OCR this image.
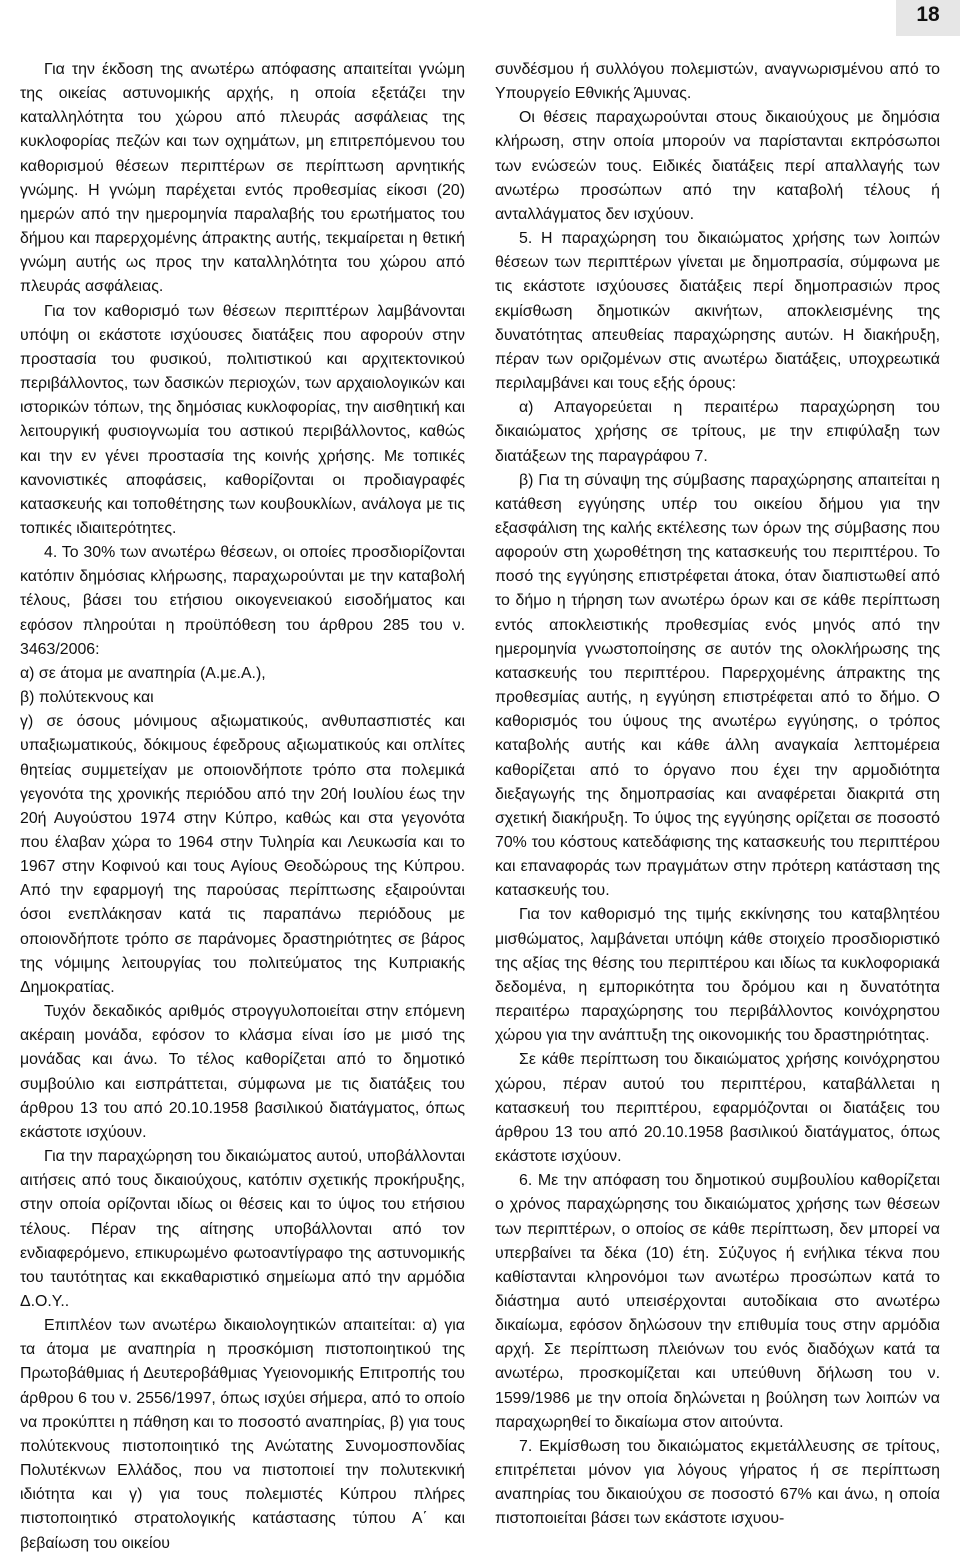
18

Για την έκδοση της ανωτέρω απόφασης απαιτείται γνώμη της οικείας αστυνομικής αρχής, η οποία εξετάζει την καταλληλότητα του χώρου από πλευράς ασφάλειας της κυκλοφορίας πεζών και των οχημάτων, μη επιτρεπόμενου του καθορισμού θέσεων περιπτέρων σε περίπτωση αρνητικής γνώμης. Η γνώμη παρέχεται εντός προθεσμίας είκοσι (20) ημερών από την ημερομηνία παραλαβής του ερωτήματος του δήμου και παρερχομένης άπρακτης αυτής, τεκμαίρεται η θετική γνώμη αυτής ως προς την καταλληλότητα του χώρου από πλευράς ασφάλειας.

Για τον καθορισμό των θέσεων περιπτέρων λαμβάνονται υπόψη οι εκάστοτε ισχύουσες διατάξεις που αφορούν στην προστασία του φυσικού, πολιτιστικού και αρχιτεκτονικού περιβάλλοντος, των δασικών περιοχών, των αρχαιολογικών και ιστορικών τόπων, της δημόσιας κυκλοφορίας, την αισθητική και λειτουργική φυσιογνωμία του αστικού περιβάλλοντος, καθώς και την εν γένει προστασία της κοινής χρήσης. Με τοπικές κανονιστικές αποφάσεις, καθορίζονται οι προδιαγραφές κατασκευής και τοποθέτησης των κουβουκλίων, ανάλογα με τις τοπικές ιδιαιτερότητες.

4. Το 30% των ανωτέρω θέσεων, οι οποίες προσδιορίζονται κατόπιν δημόσιας κλήρωσης, παραχωρούνται με την καταβολή τέλους, βάσει του ετήσιου οικογενειακού εισοδήματος και εφόσον πληρούται η προϋπόθεση του άρθρου 285 του ν. 3463/2006:

α) σε άτομα με αναπηρία (Α.με.Α.),

β) πολύτεκνους και

γ) σε όσους μόνιμους αξιωματικούς, ανθυπασπιστές και υπαξιωματικούς, δόκιμους έφεδρους αξιωματικούς και οπλίτες θητείας συμμετείχαν με οποιονδήποτε τρόπο στα πολεμικά γεγονότα της χρονικής περιόδου από την 20ή Ιουλίου έως την 20ή Αυγούστου 1974 στην Κύπρο, καθώς και στα γεγονότα που έλαβαν χώρα το 1964 στην Τυληρία και Λευκωσία και το 1967 στην Κοφινού και τους Αγίους Θεοδώρους της Κύπρου. Από την εφαρμογή της παρούσας περίπτωσης εξαιρούνται όσοι ενεπλάκησαν κατά τις παραπάνω περιόδους με οποιονδήποτε τρόπο σε παράνομες δραστηριότητες σε βάρος της νόμιμης λειτουργίας του πολιτεύματος της Κυπριακής Δημοκρατίας.

Τυχόν δεκαδικός αριθμός στρογγυλοποιείται στην επόμενη ακέραιη μονάδα, εφόσον το κλάσμα είναι ίσο με μισό της μονάδας και άνω. Το τέλος καθορίζεται από το δημοτικό συμβούλιο και εισπράττεται, σύμφωνα με τις διατάξεις του άρθρου 13 του από 20.10.1958 βασιλικού διατάγματος, όπως εκάστοτε ισχύουν.

Για την παραχώρηση του δικαιώματος αυτού, υποβάλλονται αιτήσεις από τους δικαιούχους, κατόπιν σχετικής προκήρυξης, στην οποία ορίζονται ιδίως οι θέσεις και το ύψος του ετήσιου τέλους. Πέραν της αίτησης υποβάλλονται από τον ενδιαφερόμενο, επικυρωμένο φωτοαντίγραφο της αστυνομικής του ταυτότητας και εκκαθαριστικό σημείωμα από την αρμόδια Δ.Ο.Υ..

Επιπλέον των ανωτέρω δικαιολογητικών απαιτείται: α) για τα άτομα με αναπηρία η προσκόμιση πιστοποιητικού της Πρωτοβάθμιας ή Δευτεροβάθμιας Υγειονομικής Επιτροπής του άρθρου 6 του ν. 2556/1997, όπως ισχύει σήμερα, από το οποίο να προκύπτει η πάθηση και το ποσοστό αναπηρίας, β) για τους πολύτεκνους πιστοποιητικό της Ανώτατης Συνομοσπονδίας Πολυτέκνων Ελλάδος, που να πιστοποιεί την πολυτεκνική ιδιότητα και γ) για τους πολεμιστές Κύπρου πλήρες πιστοποιητικό στρατολογικής κατάστασης τύπου Α΄ και βεβαίωση του οικείου

συνδέσμου ή συλλόγου πολεμιστών, αναγνωρισμένου από το Υπουργείο Εθνικής Άμυνας.

Οι θέσεις παραχωρούνται στους δικαιούχους με δημόσια κλήρωση, στην οποία μπορούν να παρίστανται εκπρόσωποι των ενώσεών τους. Ειδικές διατάξεις περί απαλλαγής των ανωτέρω προσώπων από την καταβολή τέλους ή ανταλλάγματος δεν ισχύουν.

5. Η παραχώρηση του δικαιώματος χρήσης των λοιπών θέσεων των περιπτέρων γίνεται με δημοπρασία, σύμφωνα με τις εκάστοτε ισχύουσες διατάξεις περί δημοπρασιών προς εκμίσθωση δημοτικών ακινήτων, αποκλεισμένης της δυνατότητας απευθείας παραχώρησης αυτών. Η διακήρυξη, πέραν των οριζομένων στις ανωτέρω διατάξεις, υποχρεωτικά περιλαμβάνει και τους εξής όρους:

α) Απαγορεύεται η περαιτέρω παραχώρηση του δικαιώματος χρήσης σε τρίτους, με την επιφύλαξη των διατάξεων της παραγράφου 7.

β) Για τη σύναψη της σύμβασης παραχώρησης απαιτείται η κατάθεση εγγύησης υπέρ του οικείου δήμου για την εξασφάλιση της καλής εκτέλεσης των όρων της σύμβασης που αφορούν στη χωροθέτηση της κατασκευής του περιπτέρου. Το ποσό της εγγύησης επιστρέφεται άτοκα, όταν διαπιστωθεί από το δήμο η τήρηση των ανωτέρω όρων και σε κάθε περίπτωση εντός αποκλειστικής προθεσμίας ενός μηνός από την ημερομηνία γνωστοποίησης σε αυτόν της ολοκλήρωσης της κατασκευής του περιπτέρου. Παρερχομένης άπρακτης της προθεσμίας αυτής, η εγγύηση επιστρέφεται από το δήμο. Ο καθορισμός του ύψους της ανωτέρω εγγύησης, ο τρόπος καταβολής αυτής και κάθε άλλη αναγκαία λεπτομέρεια καθορίζεται από το όργανο που έχει την αρμοδιότητα διεξαγωγής της δημοπρασίας και αναφέρεται διακριτά στη σχετική διακήρυξη. Το ύψος της εγγύησης ορίζεται σε ποσοστό 70% του κόστους κατεδάφισης της κατασκευής του περιπτέρου και επαναφοράς των πραγμάτων στην πρότερη κατάσταση της κατασκευής του.

Για τον καθορισμό της τιμής εκκίνησης του καταβλητέου μισθώματος, λαμβάνεται υπόψη κάθε στοιχείο προσδιοριστικό της αξίας της θέσης του περιπτέρου και ιδίως τα κυκλοφοριακά δεδομένα, η εμπορικότητα του δρόμου και η δυνατότητα περαιτέρω παραχώρησης του περιβάλλοντος κοινόχρηστου χώρου για την ανάπτυξη της οικονομικής του δραστηριότητας.

Σε κάθε περίπτωση του δικαιώματος χρήσης κοινόχρηστου χώρου, πέραν αυτού του περιπτέρου, καταβάλλεται η κατασκευή του περιπτέρου, εφαρμόζονται οι διατάξεις του άρθρου 13 του από 20.10.1958 βασιλικού διατάγματος, όπως εκάστοτε ισχύουν.

6. Με την απόφαση του δημοτικού συμβουλίου καθορίζεται ο χρόνος παραχώρησης του δικαιώματος χρήσης των θέσεων των περιπτέρων, ο οποίος σε κάθε περίπτωση, δεν μπορεί να υπερβαίνει τα δέκα (10) έτη. Σύζυγος ή ενήλικα τέκνα που καθίστανται κληρονόμοι των ανωτέρω προσώπων κατά το διάστημα αυτό υπεισέρχονται αυτοδίκαια στο ανωτέρω δικαίωμα, εφόσον δηλώσουν την επιθυμία τους στην αρμόδια αρχή. Σε περίπτωση πλειόνων του ενός διαδόχων κατά τα ανωτέρω, προσκομίζεται και υπεύθυνη δήλωση του ν. 1599/1986 με την οποία δηλώνεται η βούληση των λοιπών να παραχωρηθεί το δικαίωμα στον αιτούντα.

7. Εκμίσθωση του δικαιώματος εκμετάλλευσης σε τρίτους, επιτρέπεται μόνον για λόγους γήρατος ή σε περίπτωση αναπηρίας του δικαιούχου σε ποσοστό 67% και άνω, η οποία πιστοποιείται βάσει των εκάστοτε ισχυου-
